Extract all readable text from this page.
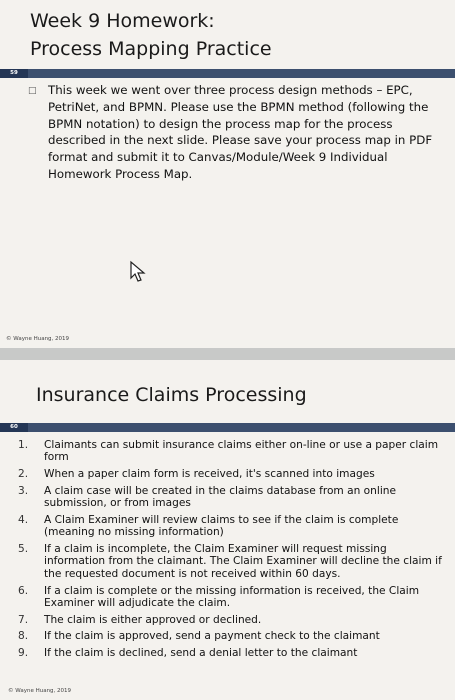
Week 9 Homework:
Process Mapping Practice
59
□ This week we went over three process design methods – EPC, PetriNet, and BPMN. Please use the BPMN method (following the BPMN notation) to design the process map for the process described in the next slide. Please save your process map in PDF format and submit it to Canvas/Module/Week 9 Individual Homework Process Map.
© Wayne Huang, 2019
Insurance Claims Processing
60
1.	Claimants can submit insurance claims either on-line or use a paper claim form
2.	When a paper claim form is received, it's scanned into images
3.	A claim case will be created in the claims database from an online submission, or from images
4.	A Claim Examiner will review claims to see if the claim is complete (meaning no missing information)
5.	If a claim is incomplete, the Claim Examiner will request missing information from the claimant. The Claim Examiner will decline the claim if the requested document is not received within 60 days.
6.	If a claim is complete or the missing information is received, the Claim Examiner will adjudicate the claim.
7.	The claim is either approved or declined.
8.	If the claim is approved, send a payment check to the claimant
9.	If the claim is declined, send a denial letter to the claimant
© Wayne Huang, 2019
